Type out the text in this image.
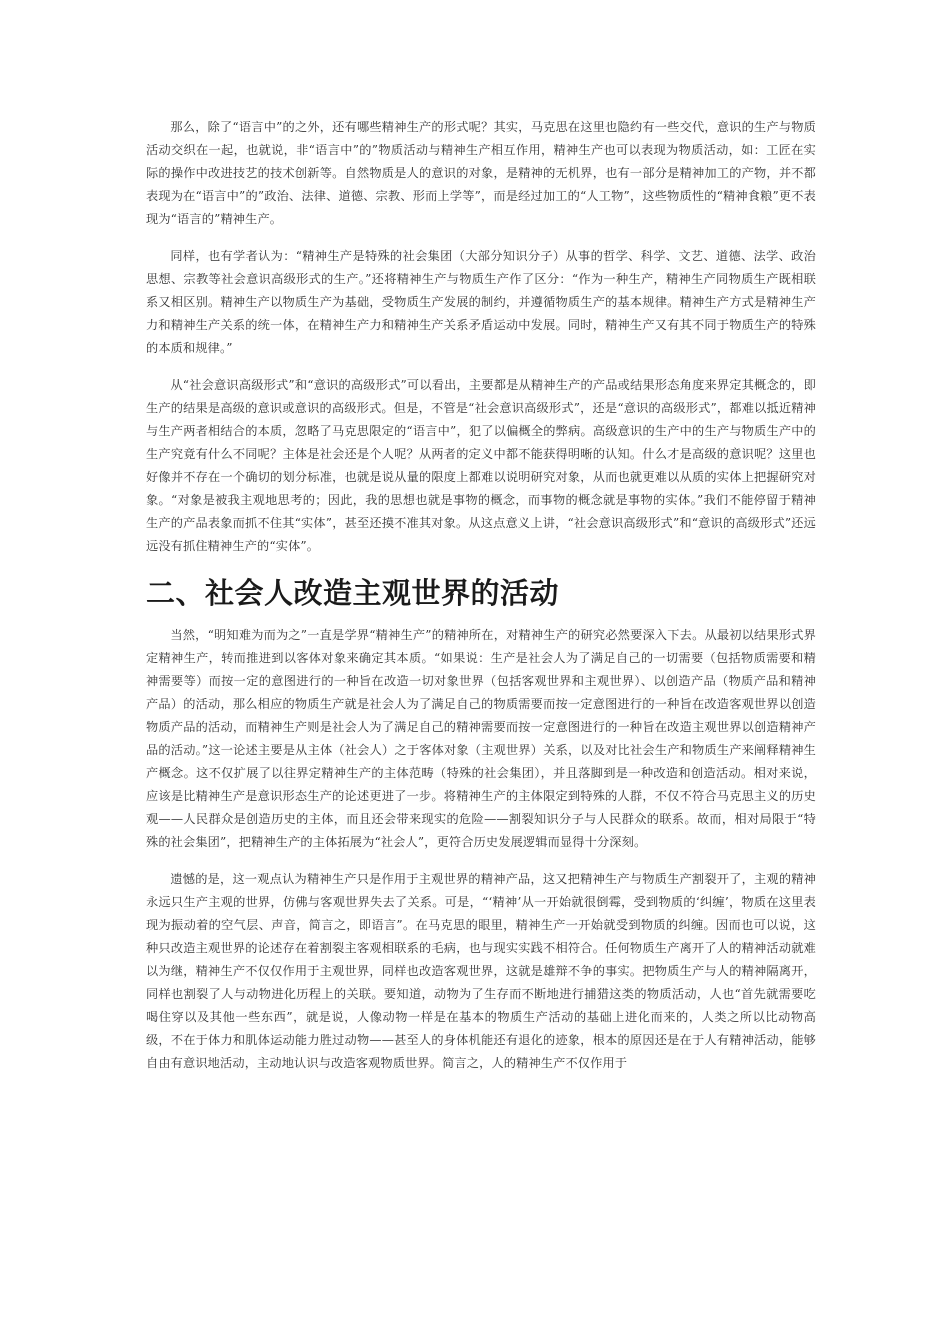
那么，除了“语言中”的之外，还有哪些精神生产的形式呢？其实，马克思在这里也隐约有一些交代，意识的生产与物质活动交织在一起，也就说，非“语言中”的”物质活动与精神生产相互作用，精神生产也可以表现为物质活动，如：工匠在实际的操作中改进技艺的技术创新等。自然物质是人的意识的对象，是精神的无机界，也有一部分是精神加工的产物，并不都表现为在“语言中”的”政治、法律、道德、宗教、形而上学等”，而是经过加工的“人工物”，这些物质性的“精神食粮”更不表现为“语言的”精神生产。

同样，也有学者认为：“精神生产是特殊的社会集团（大部分知识分子）从事的哲学、科学、文艺、道德、法学、政治思想、宗教等社会意识高级形式的生产。”还将精神生产与物质生产作了区分：“作为一种生产，精神生产同物质生产既相联系又相区别。精神生产以物质生产为基础，受物质生产发展的制约，并遵循物质生产的基本规律。精神生产方式是精神生产力和精神生产关系的统一体，在精神生产力和精神生产关系矛盾运动中发展。同时，精神生产又有其不同于物质生产的特殊的本质和规律。”

从“社会意识高级形式”和“意识的高级形式”可以看出，主要都是从精神生产的产品或结果形态角度来界定其概念的，即生产的结果是高级的意识或意识的高级形式。但是，不管是“社会意识高级形式”，还是“意识的高级形式”，都难以抵近精神与生产两者相结合的本质，忽略了马克思限定的“语言中”，犯了以偏概全的弊病。高级意识的生产中的生产与物质生产中的生产究竟有什么不同呢？主体是社会还是个人呢？从两者的定义中都不能获得明晰的认知。什么才是高级的意识呢？这里也好像并不存在一个确切的划分标准，也就是说从量的限度上都难以说明研究对象，从而也就更难以从质的实体上把握研究对象。“对象是被我主观地思考的；因此，我的思想也就是事物的概念，而事物的概念就是事物的实体。”我们不能停留于精神生产的产品表象而抓不住其“实体”，甚至还摸不准其对象。从这点意义上讲，“社会意识高级形式”和“意识的高级形式”还远远没有抓住精神生产的“实体”。

二、社会人改造主观世界的活动

当然，“明知难为而为之”一直是学界“精神生产”的精神所在，对精神生产的研究必然要深入下去。从最初以结果形式界定精神生产，转而推进到以客体对象来确定其本质。“如果说：生产是社会人为了满足自己的一切需要（包括物质需要和精神需要等）而按一定的意图进行的一种旨在改造一切对象世界（包括客观世界和主观世界）、以创造产品（物质产品和精神产品）的活动，那么相应的物质生产就是社会人为了满足自己的物质需要而按一定意图进行的一种旨在改造客观世界以创造物质产品的活动，而精神生产则是社会人为了满足自己的精神需要而按一定意图进行的一种旨在改造主观世界以创造精神产品的活动。”这一论述主要是从主体（社会人）之于客体对象（主观世界）关系，以及对比社会生产和物质生产来阐释精神生产概念。这不仅扩展了以往界定精神生产的主体范畴（特殊的社会集团），并且落脚到是一种改造和创造活动。相对来说，应该是比精神生产是意识形态生产的论述更进了一步。将精神生产的主体限定到特殊的人群，不仅不符合马克思主义的历史观——人民群众是创造历史的主体，而且还会带来现实的危险——割裂知识分子与人民群众的联系。故而，相对局限于“特殊的社会集团”，把精神生产的主体拓展为“社会人”，更符合历史发展逻辑而显得十分深刻。

遗憾的是，这一观点认为精神生产只是作用于主观世界的精神产品，这又把精神生产与物质生产割裂开了，主观的精神永远只生产主观的世界，仿佛与客观世界失去了关系。可是，“‘精神’从一开始就很倒霉，受到物质的‘纠缠’，物质在这里表现为振动着的空气层、声音，简言之，即语言”。在马克思的眼里，精神生产一开始就受到物质的纠缠。因而也可以说，这种只改造主观世界的论述存在着割裂主客观相联系的毛病，也与现实实践不相符合。任何物质生产离开了人的精神活动就难以为继，精神生产不仅仅作用于主观世界，同样也改造客观世界，这就是雄辩不争的事实。把物质生产与人的精神隔离开，同样也割裂了人与动物进化历程上的关联。要知道，动物为了生存而不断地进行捕猎这类的物质活动，人也“首先就需要吃喝住穿以及其他一些东西”，就是说，人像动物一样是在基本的物质生产活动的基础上进化而来的，人类之所以比动物高级，不在于体力和肌体运动能力胜过动物——甚至人的身体机能还有退化的迹象，根本的原因还是在于人有精神活动，能够自由有意识地活动，主动地认识与改造客观物质世界。简言之，人的精神生产不仅作用于
